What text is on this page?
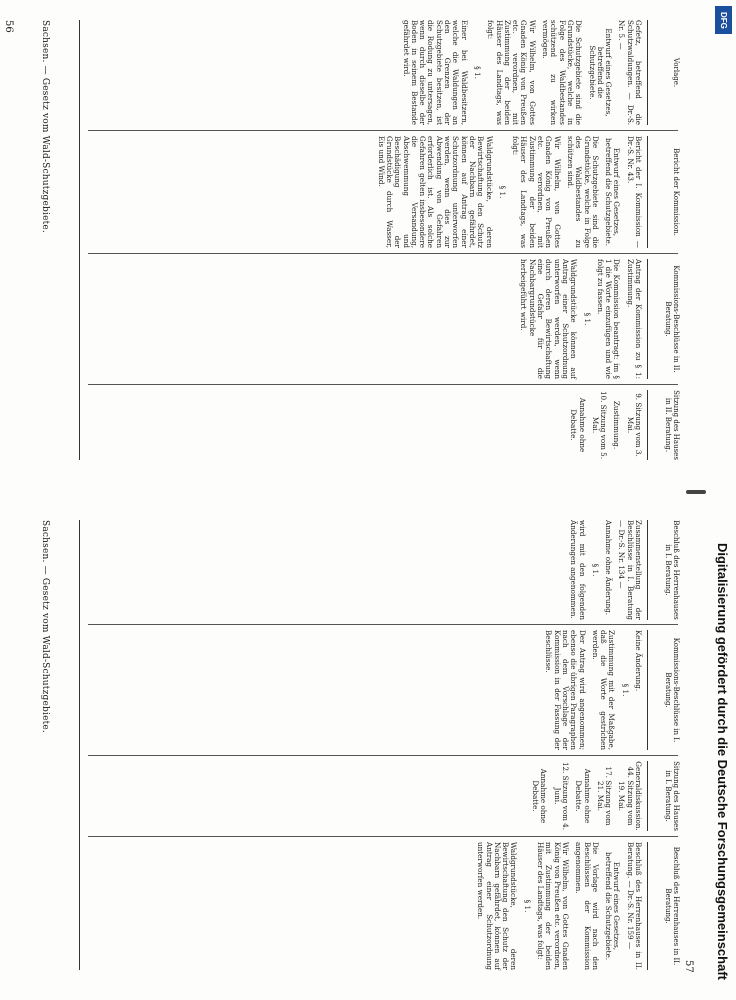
56
57
Sachsen. — Gesetz vom Wald-Schutzgebiete.	Vorlage.

Gefetz, betreffend die Schutzwaldungen. — Dr.-S. Nr. 5. —

Entwurf eines Gesetzes, betreffend die Schutzgebiete.

Die Schutzgebiete sind die Grundstücke, welche in Folge des Waldbestandes schützend zu wirken vermögen.

Wir Wilhelm, von Gottes Gnaden König von Preußen etc. verordnen, mit Zustimmung der beiden Häuser des Landtags, was folgt:

§ 1.

Einer bei Waldbesitzern, welche die Waldungen an den Grenzen der Schutzgebiete besitzen, ist die Rodung zu untersagen, wenn durch dieselbe der Boden in seinem Bestande gefährdet wird.

Bericht der Kommission.

Bericht der I. Kommission — Dr.-S. Nr. 43.

Entwurf eines Gesetzes, betreffend die Schutzgebiete.

Die Schutzgebiete sind die Grundstücke, welche in Folge des Waldbestandes zu schützen sind.

Wir Wilhelm, von Gottes Gnaden König von Preußen etc. verordnen, mit Zustimmung der beiden Häuser des Landtags, was folgt:

§ 1.

Waldgrundstücke, deren Bewirtschaftung den Schutz der Nachbarn gefährdet, können auf Antrag einer Schutzordnung unterworfen werden, wenn dies zur Abwendung von Gefahren erforderlich ist. Als solche Gefahren gelten insbesondere die Versandung, Abschwemmung und Beschädigung der Grundstücke durch Wasser, Eis und Wind.

Kommissions-Beschlüsse in II. Beratung.

Antrag der Kommission zu § 1: Zustimmung.

Die Kommission beantragt: im § 1 die Worte einzufügen und wie folgt zu fassen.

§ 1.

Waldgrundstücke können auf Antrag einer Schutzordnung unterworfen werden, wenn durch deren Bewirtschaftung eine Gefahr für die Nachbargrundstücke herbeigeführt wird.

Sitzung des Hauses in II. Beratung.

9. Sitzung vom 3. Mai.

Zustimmung.

10. Sitzung vom 5. Mai.

Annahme ohne Debatte.

Sachsen. — Gesetz vom Wald-Schutzgebiete.	Beschluß des Herrenhauses in I. Beratung.

Zusammenstellung der Beschlüsse in I. Beratung — Dr.-S. Nr. 134 —

Annahme ohne Änderung.

§ 1.

wird mit den folgenden Änderungen angenommen.

Kommissions-Beschlüsse in I. Beratung.

Keine Änderung.

§ 1.

Zustimmung mit der Maßgabe, daß die Worte gestrichen werden.

Der Antrag wird angenommen; ebenso die übrigen Paragraphen nach dem Vorschlage der Kommission in der Fassung der Beschlüsse.

Sitzung des Hauses in I. Beratung.

Generaldiskussion. 44. Sitzung vom 19. Mai.

17. Sitzung vom 21. Mai.

Annahme ohne Debatte.

12. Sitzung vom 4. Juni.

Annahme ohne Debatte.

Beschluß des Herrenhauses in II. Beratung.

Beschluß des Herrenhauses in II. Beratung. — Dr.-S. Nr. 159 —

Entwurf eines Gesetzes, betreffend die Schutzgebiete.

Die Vorlage wird nach den Beschlüssen der Kommission angenommen.

Wir Wilhelm, von Gottes Gnaden König von Preußen etc. verordnen, mit Zustimmung der beiden Häuser des Landtags, was folgt:

§ 1.

Waldgrundstücke, deren Bewirtschaftung den Schutz der Nachbarn gefährdet, können auf Antrag einer Schutzordnung unterworfen werden.

DFG
Digitalisierung gefördert durch die Deutsche Forschungsgemeinschaft
